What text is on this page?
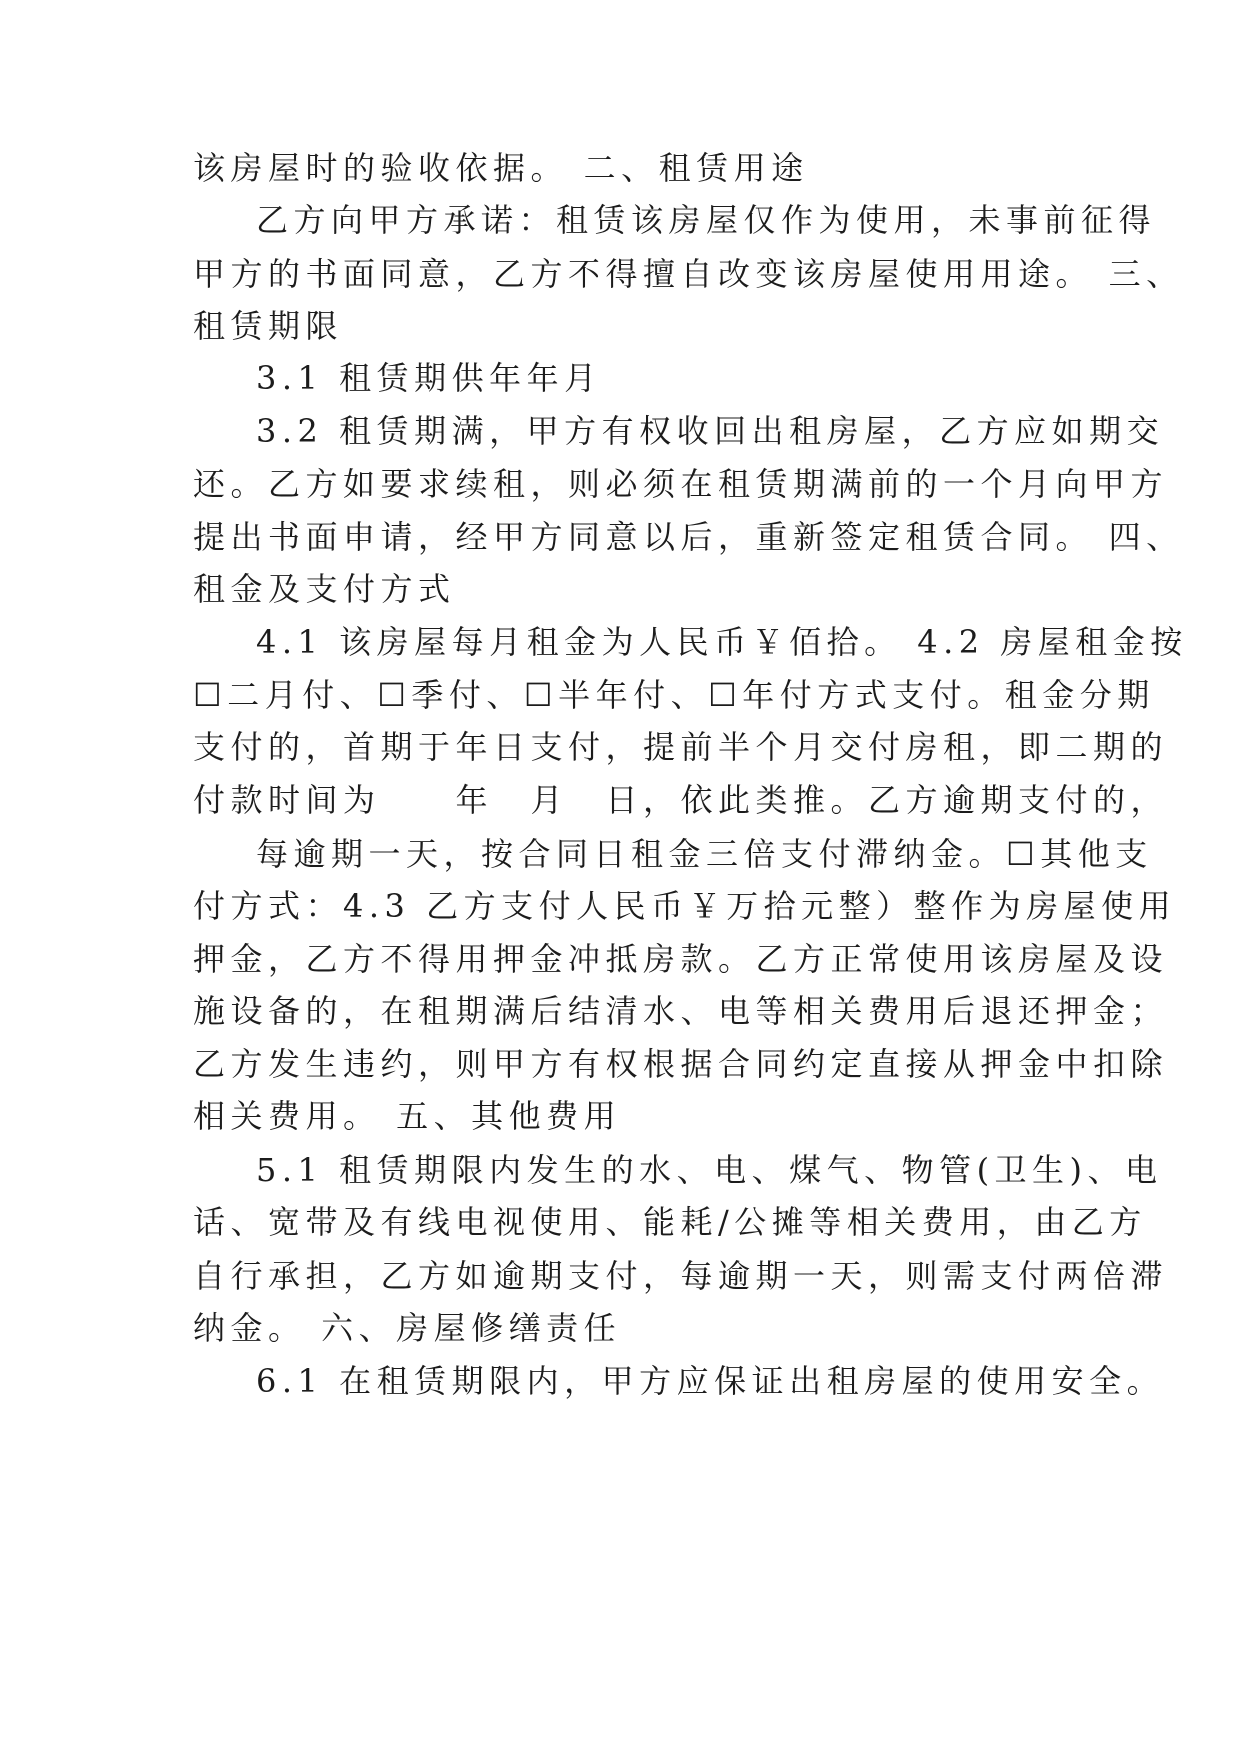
该房屋时的验收依据。 二、租赁用途

乙方向甲方承诺：租赁该房屋仅作为使用，未事前征得

甲方的书面同意，乙方不得擅自改变该房屋使用用途。 三、

租赁期限

3.1 租赁期供年年月

3.2 租赁期满，甲方有权收回出租房屋，乙方应如期交

还。乙方如要求续租，则必须在租赁期满前的一个月向甲方

提出书面申请，经甲方同意以后，重新签定租赁合同。 四、

租金及支付方式

4.1 该房屋每月租金为人民币￥佰拾。 4.2 房屋租金按

☐二月付、☐季付、☐半年付、☐年付方式支付。租金分期

支付的，首期于年日支付，提前半个月交付房租，即二期的

付款时间为　　年　月　日，依此类推。乙方逾期支付的，

每逾期一天，按合同日租金三倍支付滞纳金。☐其他支

付方式：4.3 乙方支付人民币￥万拾元整）整作为房屋使用

押金，乙方不得用押金冲抵房款。乙方正常使用该房屋及设

施设备的，在租期满后结清水、电等相关费用后退还押金；

乙方发生违约，则甲方有权根据合同约定直接从押金中扣除

相关费用。 五、其他费用

5.1 租赁期限内发生的水、电、煤气、物管(卫生)、电

话、宽带及有线电视使用、能耗/公摊等相关费用，由乙方

自行承担，乙方如逾期支付，每逾期一天，则需支付两倍滞

纳金。 六、房屋修缮责任

6.1 在租赁期限内，甲方应保证出租房屋的使用安全。
